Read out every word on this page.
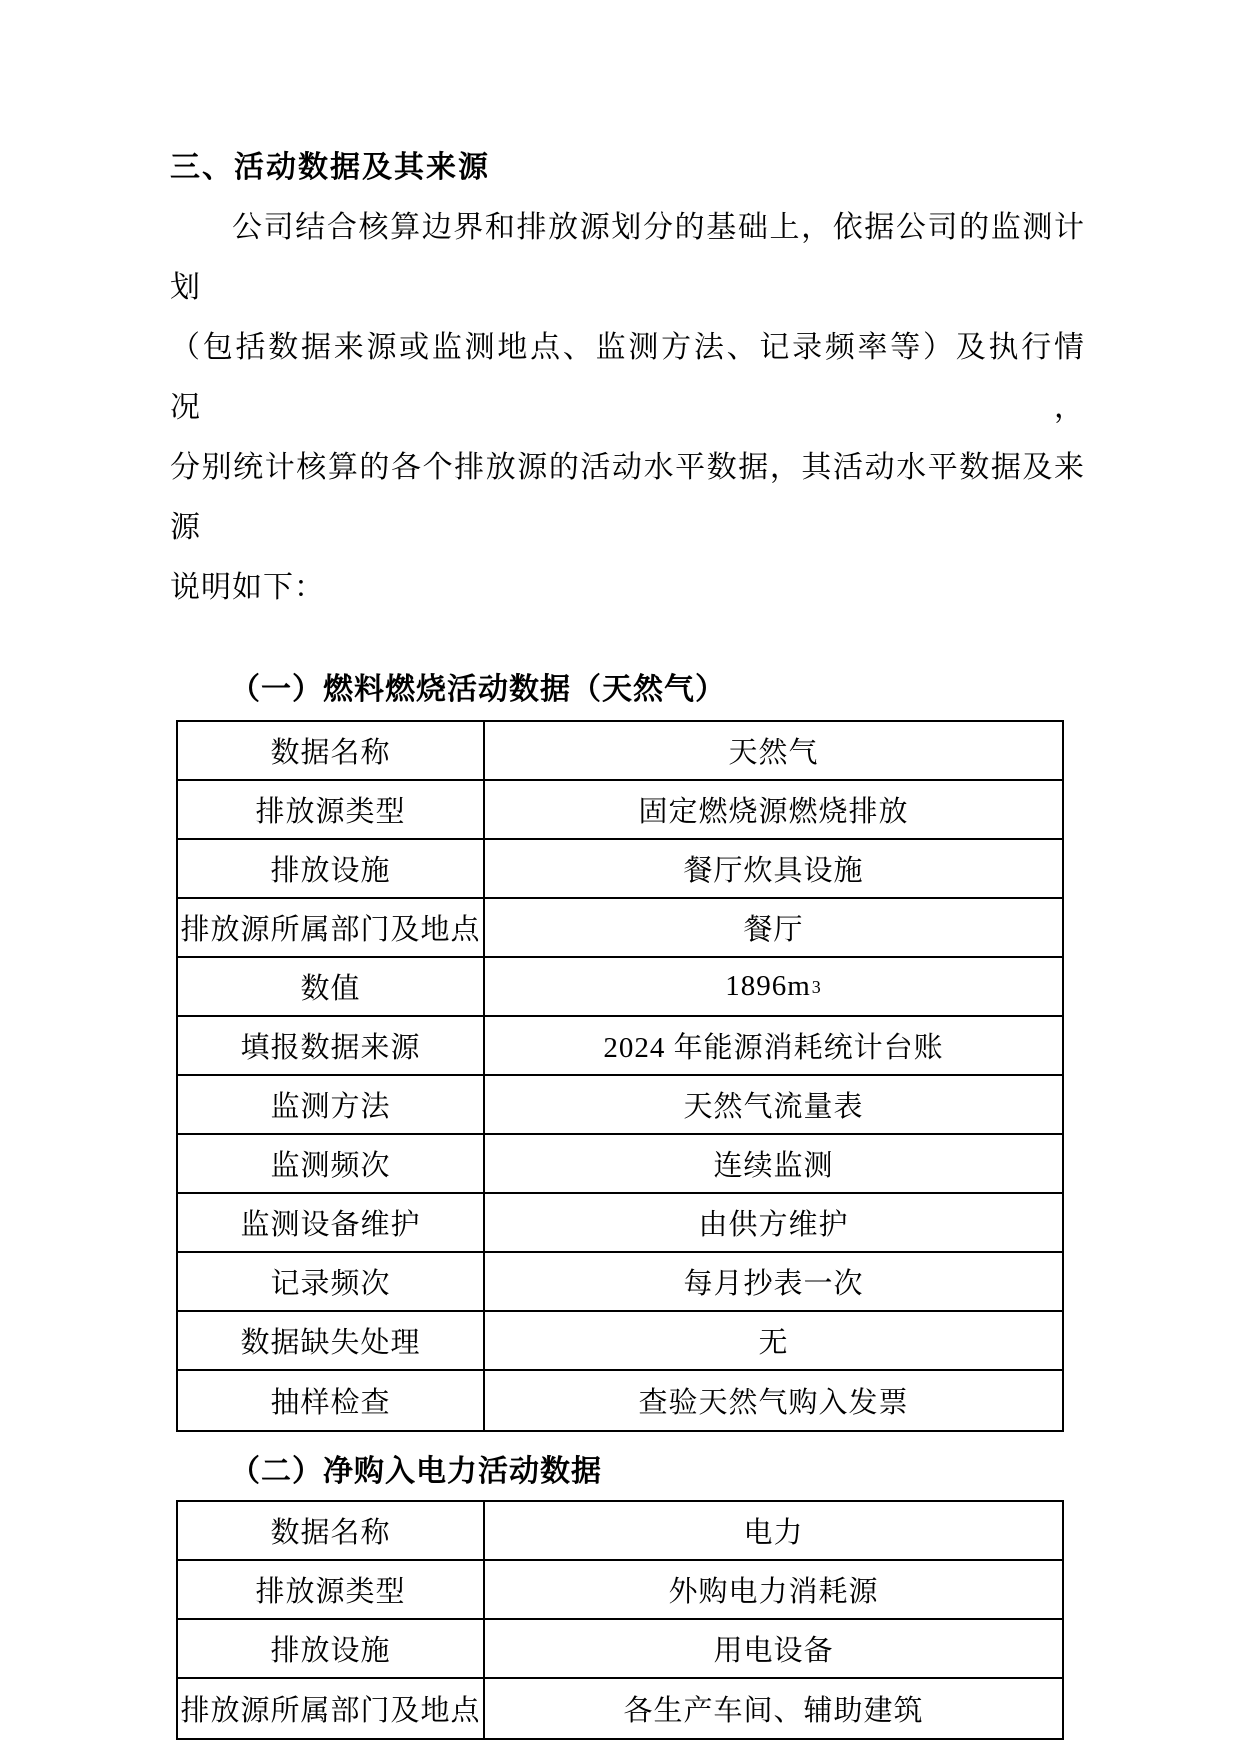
三、活动数据及其来源
公司结合核算边界和排放源划分的基础上，依据公司的监测计划
（包括数据来源或监测地点、监测方法、记录频率等）及执行情况，
分别统计核算的各个排放源的活动水平数据，其活动水平数据及来源
说明如下：
（一）燃料燃烧活动数据（天然气）
数据名称	天然气
排放源类型	固定燃烧源燃烧排放
排放设施	餐厅炊具设施
排放源所属部门及地点	餐厅
数值	1896m 3
填报数据来源	2024 年能源消耗统计台账
监测方法	天然气流量表
监测频次	连续监测
监测设备维护	由供方维护
记录频次	每月抄表一次
数据缺失处理	无
抽样检查	查验天然气购入发票
（二）净购入电力活动数据
数据名称	电力
排放源类型	外购电力消耗源
排放设施	用电设备
排放源所属部门及地点	各生产车间、辅助建筑
